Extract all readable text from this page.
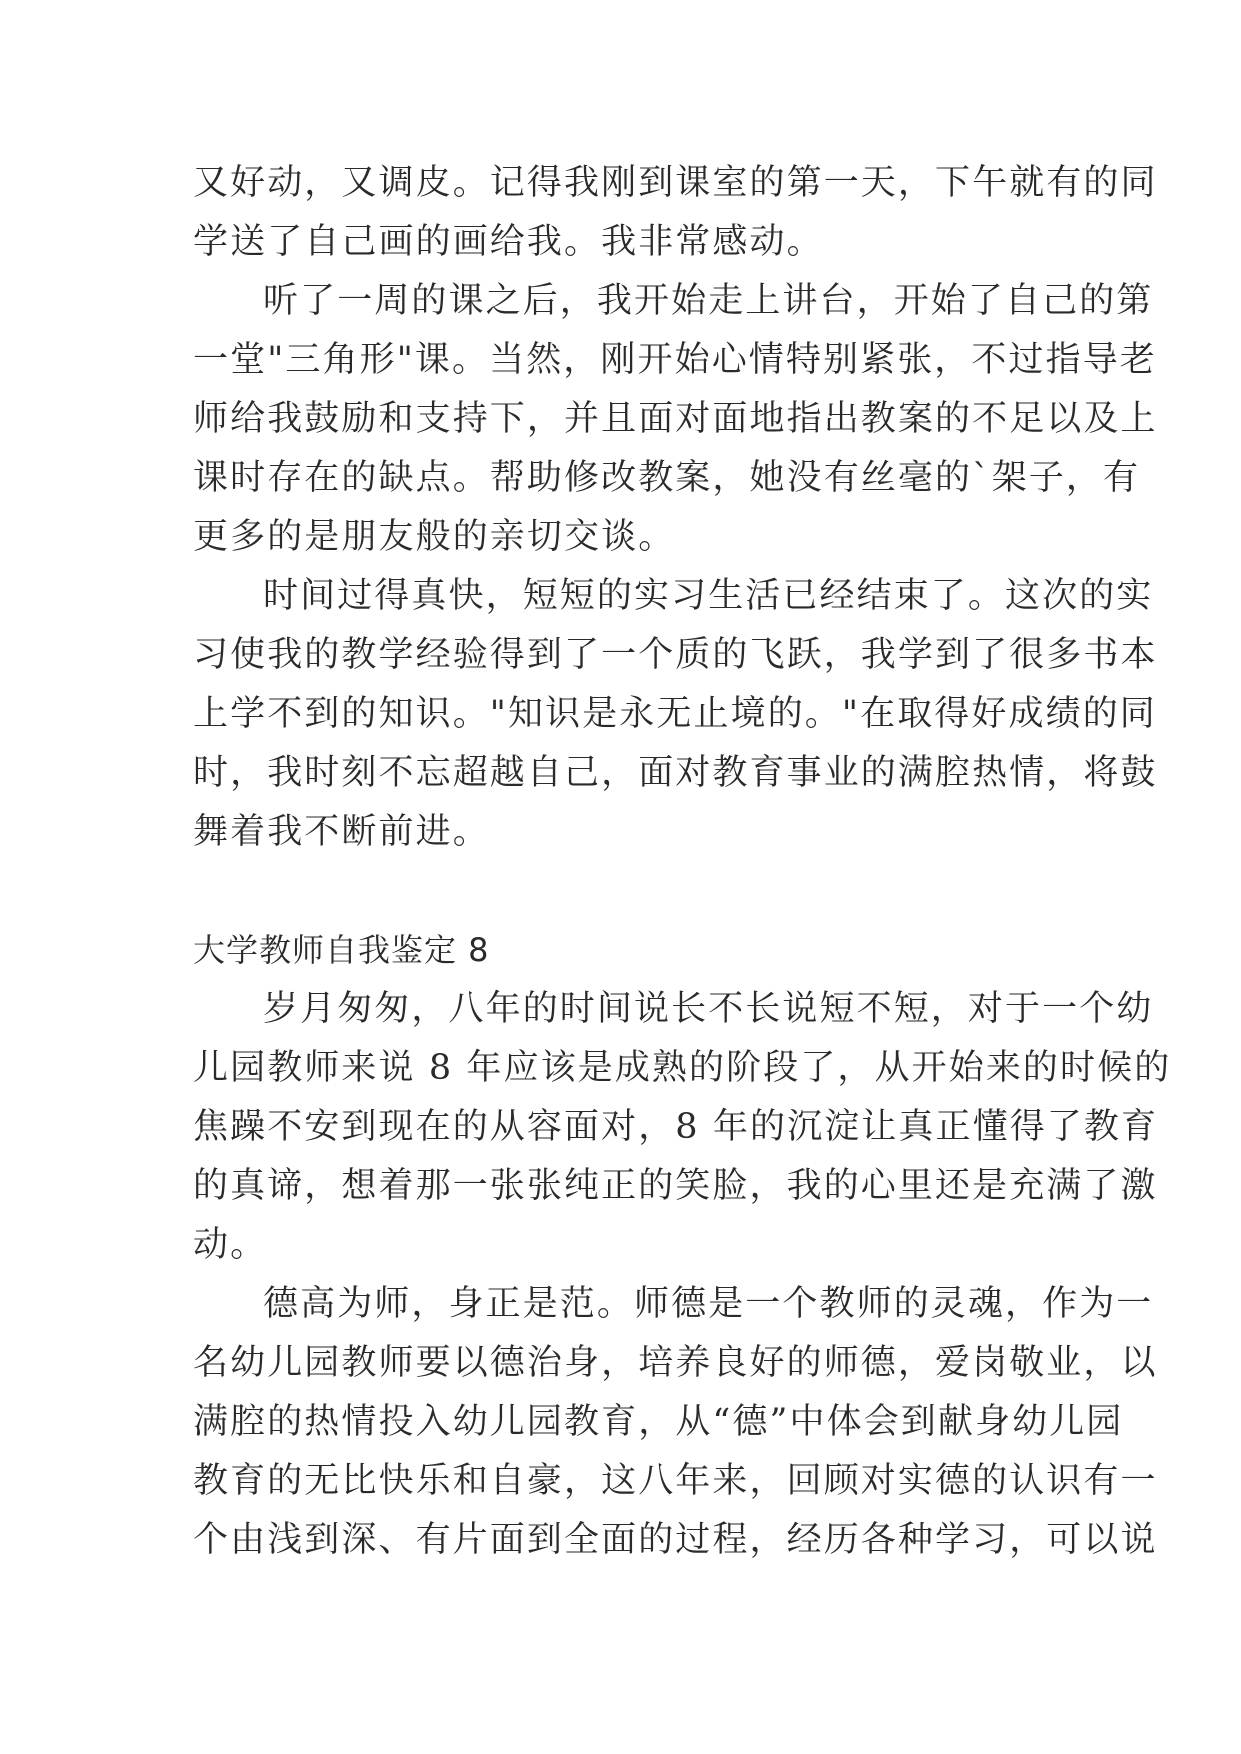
又好动，又调皮。记得我刚到课室的第一天，下午就有的同
学送了自己画的画给我。我非常感动。
听了一周的课之后，我开始走上讲台，开始了自己的第
一堂"三角形"课。当然，刚开始心情特别紧张，不过指导老
师给我鼓励和支持下，并且面对面地指出教案的不足以及上
课时存在的缺点。帮助修改教案，她没有丝毫的`架子，有
更多的是朋友般的亲切交谈。
时间过得真快，短短的实习生活已经结束了。这次的实
习使我的教学经验得到了一个质的飞跃，我学到了很多书本
上学不到的知识。"知识是永无止境的。"在取得好成绩的同
时，我时刻不忘超越自己，面对教育事业的满腔热情，将鼓
舞着我不断前进。
大学教师自我鉴定 8
岁月匆匆，八年的时间说长不长说短不短，对于一个幼
儿园教师来说 8 年应该是成熟的阶段了，从开始来的时候的
焦躁不安到现在的从容面对，8 年的沉淀让真正懂得了教育
的真谛，想着那一张张纯正的笑脸，我的心里还是充满了激
动。
德高为师，身正是范。师德是一个教师的灵魂，作为一
名幼儿园教师要以德治身，培养良好的师德，爱岗敬业，以
满腔的热情投入幼儿园教育，从“德”中体会到献身幼儿园
教育的无比快乐和自豪，这八年来，回顾对实德的认识有一
个由浅到深、有片面到全面的过程，经历各种学习，可以说
